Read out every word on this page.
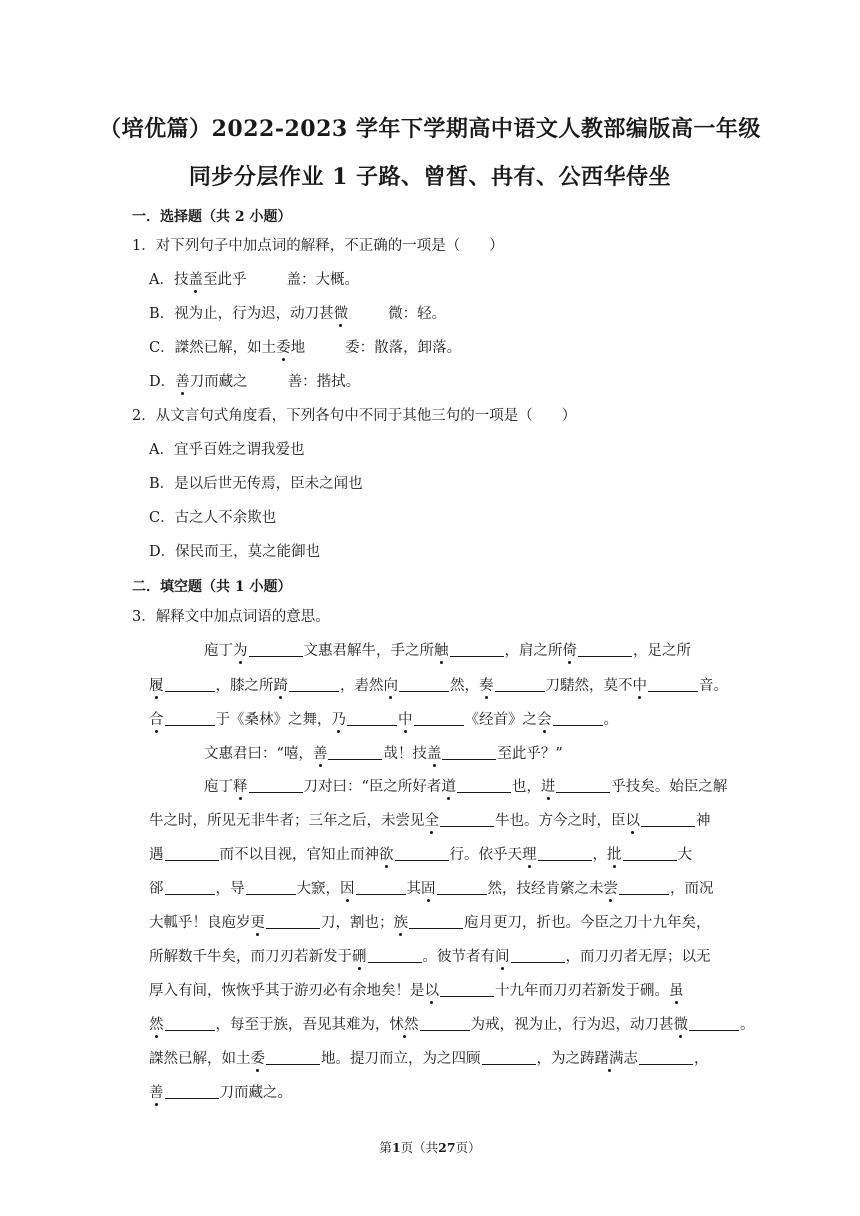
（培优篇）2022-2023 学年下学期高中语文人教部编版高一年级
同步分层作业 1 子路、曾皙、冉有、公西华侍坐
一．选择题（共 2 小题）
1．对下列句子中加点词的解释，不正确的一项是（　　）
A．技盖至此乎	盖：大概。
B．视为止，行为迟，动刀甚微	微：轻。
C．謋然已解，如土委地	委：散落，卸落。
D．善刀而藏之	善：揩拭。
2．从文言句式角度看，下列各句中不同于其他三句的一项是（　　）
A．宜乎百姓之谓我爱也
B．是以后世无传焉，臣未之闻也
C．古之人不余欺也
D．保民而王，莫之能御也
二．填空题（共 1 小题）
3．解释文中加点词语的意思。
庖丁为	文惠君解牛，手之所触	，肩之所倚	，足之所
履	，膝之所踦	，砉然向	然，奏	刀騞然，莫不中	音。
合	于《桑林》之舞，乃	中	《经首》之会	。
文惠君曰：“嘻，善	哉！技盖	至此乎？”
庖丁释	刀对曰：“臣之所好者道	也，进	乎技矣。始臣之解
牛之时，所见无非牛者；三年之后，未尝见全	牛也。方今之时，臣以	神
遇	而不以目视，官知止而神欲	行。依乎天理	，批	大
郤	，导	大窾，因	其固	然，技经肯綮之未尝	，而况
大軱乎！良庖岁更	刀，割也；族	庖月更刀，折也。今臣之刀十九年矣，
所解数千牛矣，而刀刃若新发于硎	。彼节者有间	，而刀刃者无厚；以无
厚入有间，恢恢乎其于游刃必有余地矣！是以	十九年而刀刃若新发于硎。虽
然	，每至于族，吾见其难为，怵然	为戒，视为止，行为迟，动刀甚微	。
謋然已解，如土委	地。提刀而立，为之四顾	，为之踌躇满志	，
善	刀而藏之。
第1页（共27页）
